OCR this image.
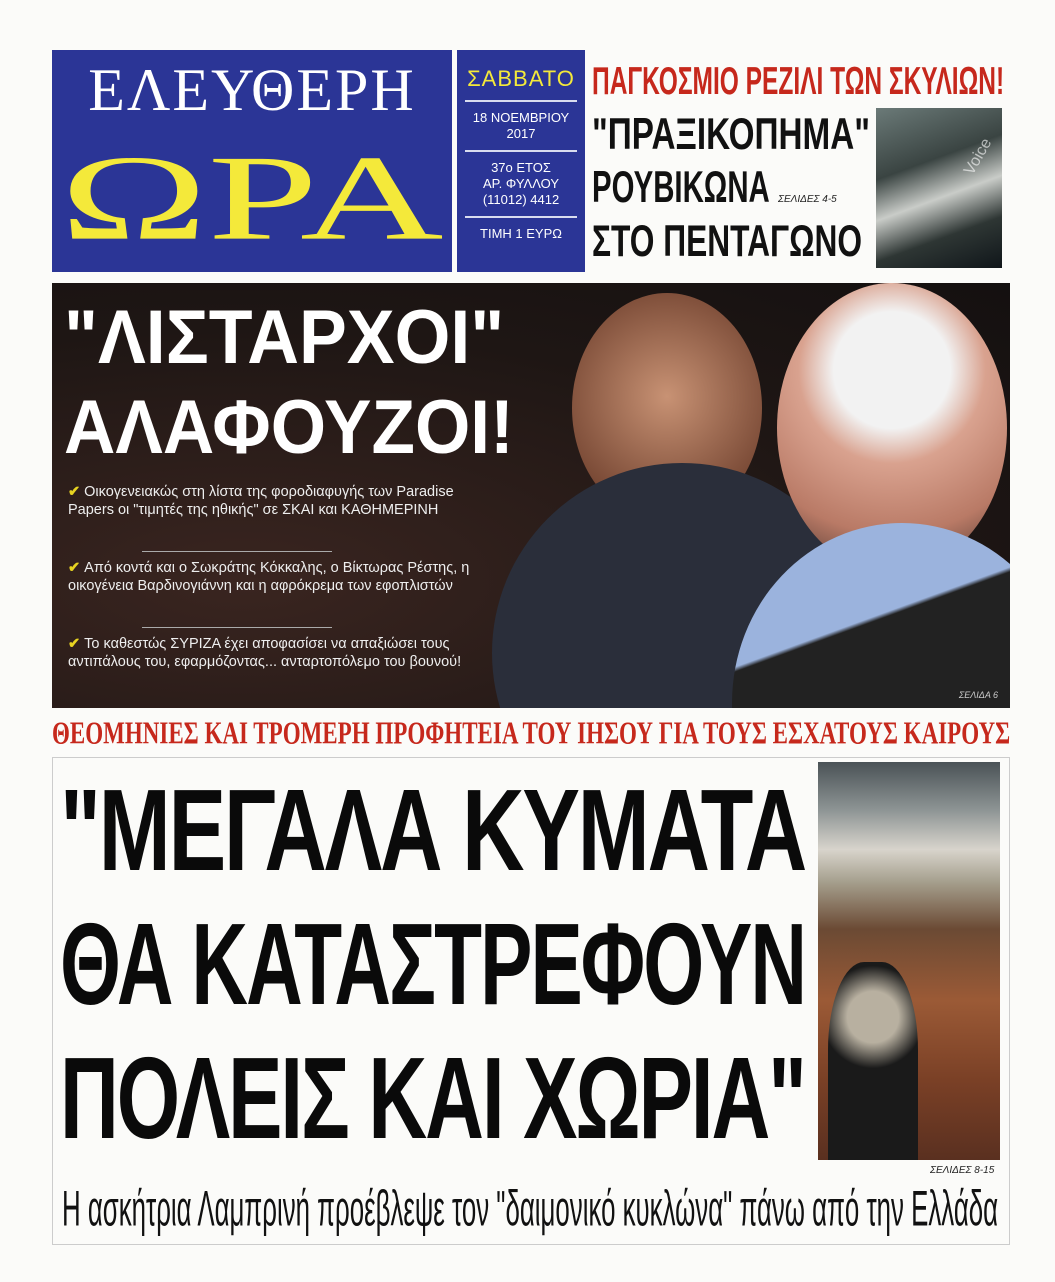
ΕΛΕΥΘΕΡΗ
ΩΡΑ
ΣΑΒΒΑΤΟ
18 ΝΟΕΜΒΡΙΟΥ 2017
37ο ΕΤΟΣ
ΑΡ. ΦΥΛΛΟΥ
(11012) 4412
ΤΙΜΗ 1 ΕΥΡΩ
ΠΑΓΚΟΣΜΙΟ ΡΕΖΙΛΙ ΤΩΝ ΣΚΥΛΙΩΝ!
"ΠΡΑΞΙΚΟΠΗΜΑ"
ΡΟΥΒΙΚΩΝΑ
ΣΤΟ ΠΕΝΤΑΓΩΝΟ
ΣΕΛΙΔΕΣ 4-5
Voice
"ΛΙΣΤΑΡΧΟΙ"
ΑΛΑΦΟΥΖΟΙ!
✔ Οικογενειακώς στη λίστα της φοροδιαφυγής των Paradise Papers οι "τιμητές της ηθικής" σε ΣΚΑΙ και ΚΑΘΗΜΕΡΙΝΗ
✔ Από κοντά και ο Σωκράτης Κόκκαλης, ο Βίκτωρας Ρέστης, η οικογένεια Βαρδινογιάννη και η αφρόκρεμα των εφοπλιστών
✔ Το καθεστώς ΣΥΡΙΖΑ έχει αποφασίσει να απαξιώσει τους αντιπάλους του, εφαρμόζοντας... ανταρτοπόλεμο του βουνού!
ΣΕΛΙΔΑ 6
ΘΕΟΜΗΝΙΕΣ ΚΑΙ ΤΡΟΜΕΡΗ ΠΡΟΦΗΤΕΙΑ ΤΟΥ ΙΗΣΟΥ ΓΙΑ ΤΟΥΣ ΕΣΧΑΤΟΥΣ ΚΑΙΡΟΥΣ
"ΜΕΓΑΛΑ ΚΥΜΑΤΑ
ΘΑ ΚΑΤΑΣΤΡΕΦΟΥΝ
ΠΟΛΕΙΣ ΚΑΙ ΧΩΡΙΑ"
ΣΕΛΙΔΕΣ 8-15
Η ασκήτρια Λαμπρινή προέβλεψε τον "δαιμονικό κυκλώνα" πάνω από την Ελλάδα
